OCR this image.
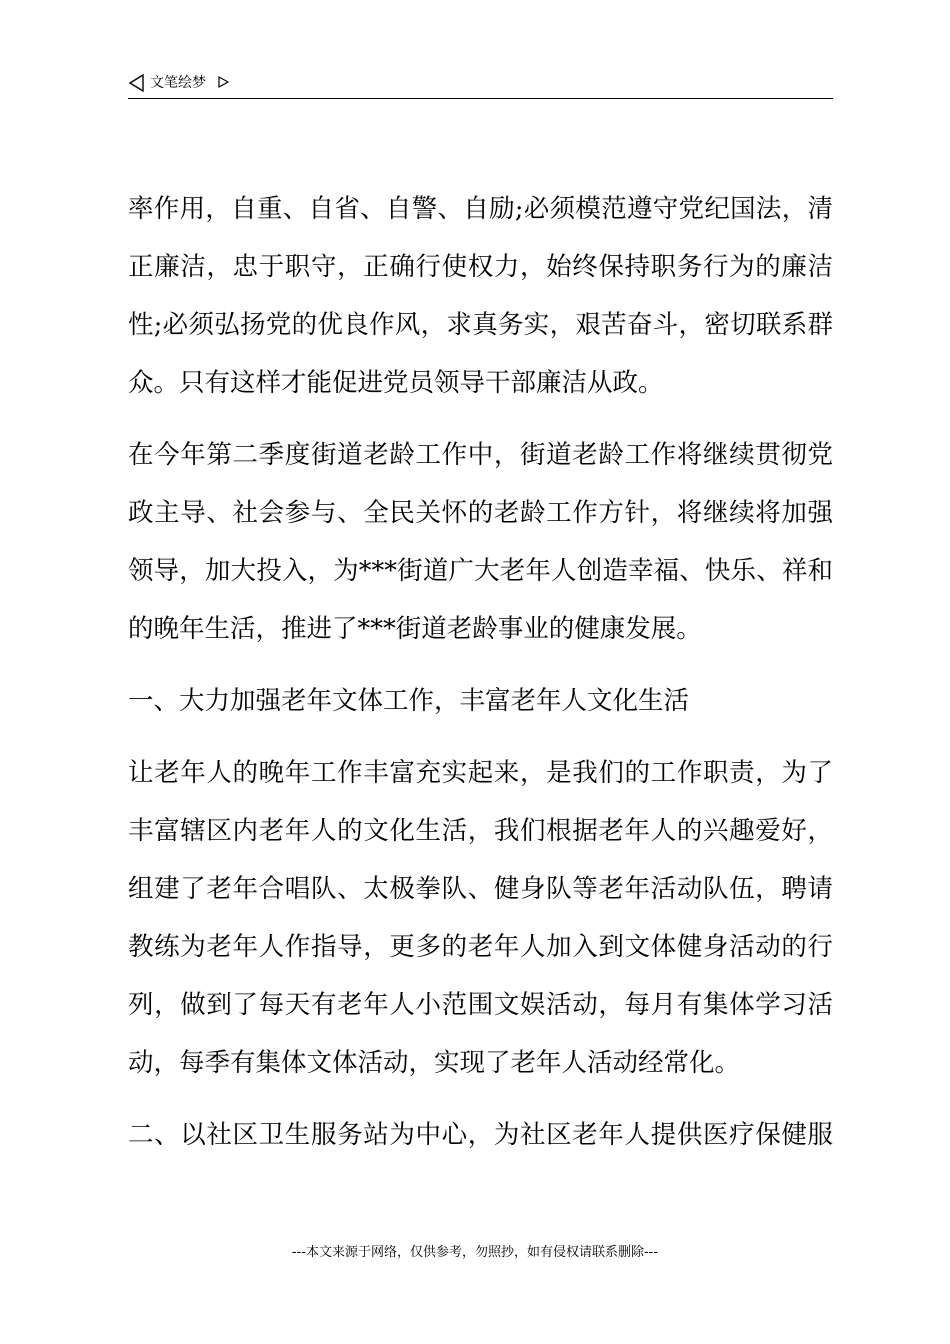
文笔绘梦
率作用，自重、自省、自警、自励;必须模范遵守党纪国法，清
正廉洁，忠于职守，正确行使权力，始终保持职务行为的廉洁
性;必须弘扬党的优良作风，求真务实，艰苦奋斗，密切联系群
众。只有这样才能促进党员领导干部廉洁从政。
在今年第二季度街道老龄工作中，街道老龄工作将继续贯彻党
政主导、社会参与、全民关怀的老龄工作方针，将继续将加强
领导，加大投入，为***街道广大老年人创造幸福、快乐、祥和
的晚年生活，推进了***街道老龄事业的健康发展。
一、大力加强老年文体工作，丰富老年人文化生活
让老年人的晚年工作丰富充实起来，是我们的工作职责，为了
丰富辖区内老年人的文化生活，我们根据老年人的兴趣爱好，
组建了老年合唱队、太极拳队、健身队等老年活动队伍，聘请
教练为老年人作指导，更多的老年人加入到文体健身活动的行
列，做到了每天有老年人小范围文娱活动，每月有集体学习活
动，每季有集体文体活动，实现了老年人活动经常化。
二、以社区卫生服务站为中心，为社区老年人提供医疗保健服
---本文来源于网络，仅供参考，勿照抄，如有侵权请联系删除---
